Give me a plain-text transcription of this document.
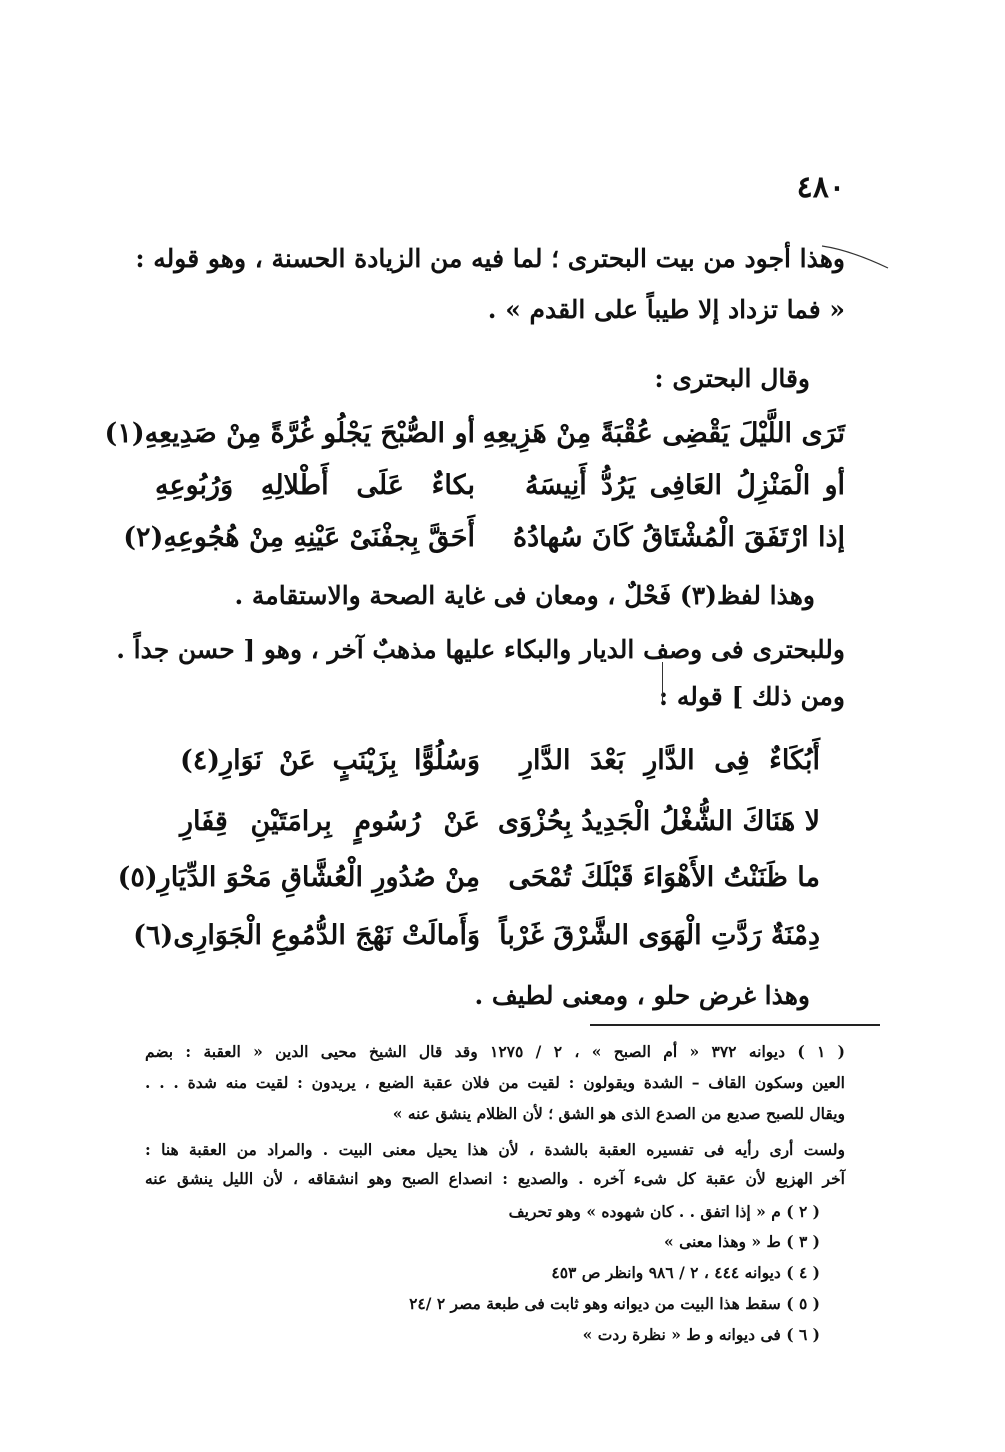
٤٨٠
وهذا أجود من بيت البحترى ؛ لما فيه من الزيادة الحسنة ، وهو قوله :
« فما تزداد إلا طيباً على القدم » .
وقال البحترى :
تَرَى اللَّيْلَ يَقْضِى عُقْبَةً مِنْ هَزِيعِهِ
أو الصُّبْحَ يَجْلُو غُرَّةً مِنْ صَدِيعِهِ(١)
أو الْمَنْزِلُ العَافِى يَرُدُّ أَنِيسَهُ
بكاءٌ عَلَى أَطْلالِهِ وَرُبُوعِهِ
إذا ارْتَفَقَ الْمُشْتَاقُ كَانَ سُهادُهُ
أَحَقَّ بِجفْنَىْ عَيْنِهِ مِنْ هُجُوعِهِ(٢)
وهذا لفظ(٣) فَحْلٌ ، ومعان فى غاية الصحة والاستقامة .
وللبحترى فى وصف الديار والبكاء عليها مذهبٌ آخر ، وهو [ حسن جداً .
ومن ذلك ] قوله :
أَبُكَاءٌ فِى الدَّارِ بَعْدَ الدَّارِ
وَسُلُوًّا بِزَيْنَبٍ عَنْ نَوَارِ(٤)
لا هَنَاكَ الشُّغْلُ الْجَدِيدُ بِحُزْوَى
عَنْ رُسُومٍ بِرامَتَيْنِ قِفَارِ
ما ظَنَنْتُ الأَهْوَاءَ قَبْلَكَ تُمْحَى
مِنْ صُدُورِ الْعُشَّاقِ مَحْوَ الدِّيَارِ(٥)
دِمْنَةٌ رَدَّتِ الْهَوَى الشَّرْقَ غَرْباً
وَأَمالَتْ نَهْجَ الدُّمُوعِ الْجَوَارِى(٦)
وهذا غرض حلو ، ومعنى لطيف .
( ١ ) ديوانه ٣٧٢ « أم الصبح » ، ٢ / ١٢٧٥ وقد قال الشيخ محيى الدين « العقبة : بضم
العين وسكون القاف – الشدة ويقولون : لقيت من فلان عقبة الضبع ، يريدون : لقيت منه شدة . . .
ويقال للصبح صديع من الصدع الذى هو الشق ؛ لأن الظلام ينشق عنه »
ولست أرى رأيه فى تفسيره العقبة بالشدة ، لأن هذا يحيل معنى البيت . والمراد من العقبة هنا :
آخر الهزيع لأن عقبة كل شىء آخره . والصديع : انصداع الصبح وهو انشقاقه ، لأن الليل ينشق عنه
( ٢ ) م « إذا اتفق . . كان شهوده » وهو تحريف
( ٣ ) ط « وهذا معنى »
( ٤ ) ديوانه ٤٤٤ ، ٢ / ٩٨٦ وانظر ص ٤٥٣
( ٥ ) سقط هذا البيت من ديوانه وهو ثابت فى طبعة مصر ٢ /٢٤
( ٦ ) فى ديوانه و ط « نظرة ردت »
